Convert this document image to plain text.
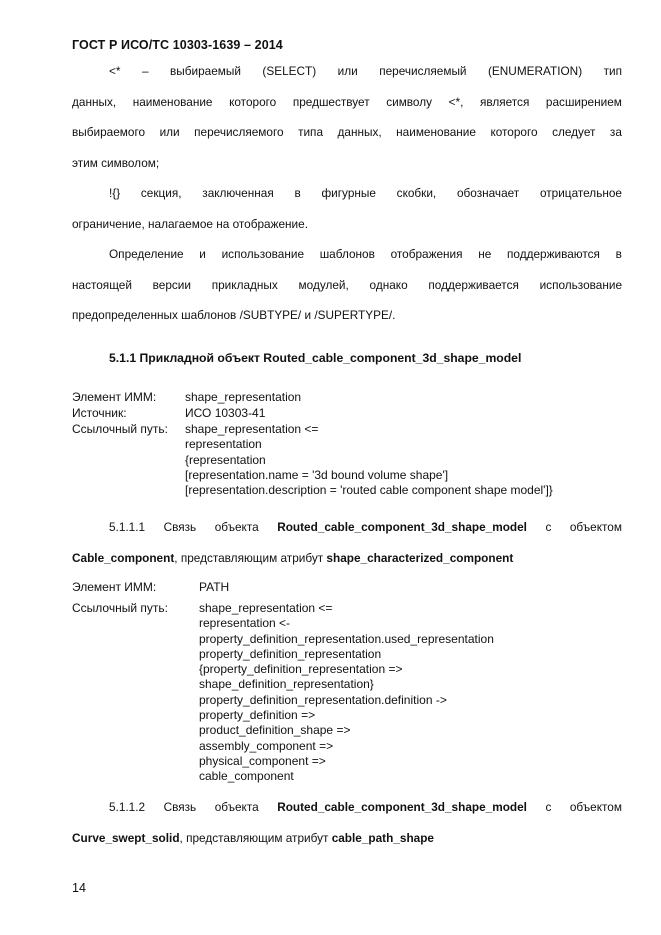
ГОСТ Р ИСО/ТС 10303-1639 – 2014
<* – выбираемый (SELECT) или перечисляемый (ENUMERATION) тип
данных, наименование которого предшествует символу <*, является расширением
выбираемого или перечисляемого типа данных, наименование которого следует за
этим символом;
!{} секция, заключенная в фигурные скобки, обозначает отрицательное
ограничение, налагаемое на отображение.
Определение и использование шаблонов отображения не поддерживаются в
настоящей версии прикладных модулей, однако поддерживается использование
предопределенных шаблонов /SUBTYPE/ и /SUPERTYPE/.
5.1.1 Прикладной объект Routed_cable_component_3d_shape_model
Элемент ИММ: shape_representation
Источник:	ИСО 10303-41
Ссылочный путь: shape_representation <=
representation
{representation
[representation.name = '3d bound volume shape']
[representation.description = 'routed cable component shape model']}
5.1.1.1 Связь объекта Routed_cable_component_3d_shape_model с объектом
Cable_component , представляющим атрибут shape_characterized_component
Элемент ИММ:	PATH
Ссылочный путь:	shape_representation <=
representation <-
property_definition_representation.used_representation
property_definition_representation
{property_definition_representation =>
shape_definition_representation}
property_definition_representation.definition ->
property_definition =>
product_definition_shape =>
assembly_component =>
physical_component =>
cable_component
5.1.1.2 Связь объекта Routed_cable_component_3d_shape_model с объектом
Curve_swept_solid , представляющим атрибут cable_path_shape
14
